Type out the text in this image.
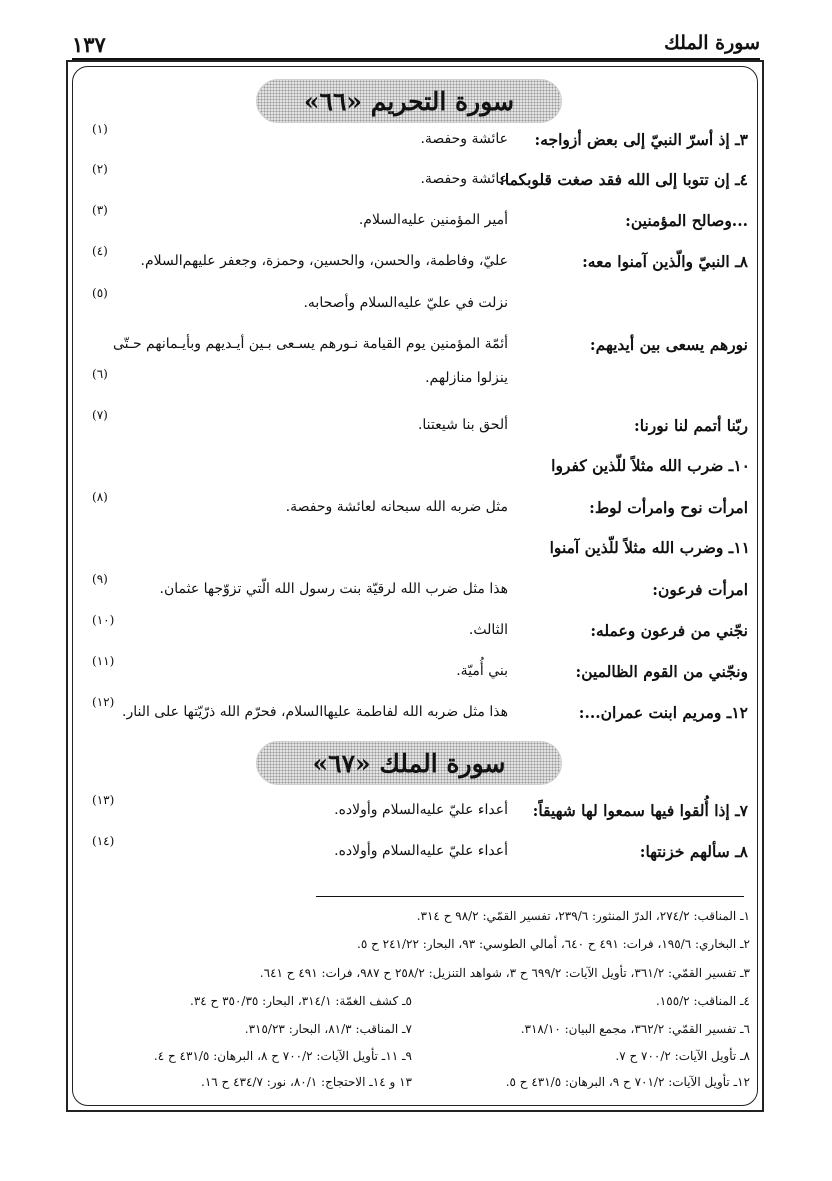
سورة الملك
١٣٧
سورة التحريم «٦٦»
٣ـ إذ أسرّ النبيّ إلى بعض أزواجه:
عائشة وحفصة.
(١)
٤ـ إن تتوبا إلى الله فقد صغت قلوبكما:
عائشة وحفصة.
(٢)
...وصالح المؤمنين:
أمير المؤمنين عليه‌السلام.
(٣)
٨ـ النبيّ والّذين آمنوا معه:
عليّ، وفاطمة، والحسن، والحسين، وحمزة، وجعفر عليهم‌السلام.
(٤)
نزلت في عليّ عليه‌السلام وأصحابه.
(٥)
نورهم يسعى بين أيديهم:
أئمّة المؤمنين يوم القيامة نـورهم يسـعى بـين أيـديهم وبأيـمانهم حـتّى
ينزلوا منازلهم.
(٦)
ربّنا أتمم لنا نورنا:
ألحق بنا شيعتنا.
(٧)
١٠ـ ضرب الله مثلاً للّذين كفروا
امرأت نوح وامرأت لوط:
مثل ضربه الله سبحانه لعائشة وحفصة.
(٨)
١١ـ وضرب الله مثلاً للّذين آمنوا
امرأت فرعون:
هذا مثل ضرب الله لرقيّة بنت رسول الله الّتي تزوّجها عثمان.
(٩)
نجّني من فرعون وعمله:
الثالث.
(١٠)
ونجّني من القوم الظالمين:
بني أُميّة.
(١١)
١٢ـ ومريم ابنت عمران...:
هذا مثل ضربه الله لفاطمة عليها‌السلام، فحرّم الله ذرّيّتها على النار.
(١٢)
سورة الملك «٦٧»
٧ـ إذا أُلقوا فيها سمعوا لها شهيقاً:
أعداء عليّ عليه‌السلام وأولاده.
(١٣)
٨ـ سألهم خزنتها:
أعداء عليّ عليه‌السلام وأولاده.
(١٤)
١ـ المناقب: ٢٧٤/٢، الدرّ المنثور: ٢٣٩/٦، تفسير القمّي: ٩٨/٢ ح ٣١٤.
٢ـ البخاري: ١٩٥/٦، فرات: ٤٩١ ح ٦٤٠، أمالي الطوسي: ٩٣، البحار: ٢٤١/٢٢ ح ٥.
٣ـ تفسير القمّي: ٣٦١/٢، تأويل الآيات: ٦٩٩/٢ ح ٣، شواهد التنزيل: ٢٥٨/٢ ح ٩٨٧، فرات: ٤٩١ ح ٦٤١.
٤ـ المناقب: ١٥٥/٢.
٥ـ كشف الغمّة: ٣١٤/١، البحار: ٣٥٠/٣٥ ح ٣٤.
٦ـ تفسير القمّي: ٣٦٢/٢، مجمع البيان: ٣١٨/١٠.
٧ـ المناقب: ٨١/٣، البحار: ٣١٥/٢٣.
٨ـ تأويل الآيات: ٧٠٠/٢ ح ٧.
٩ـ ١١ـ تأويل الآيات: ٧٠٠/٢ ح ٨، البرهان: ٤٣١/٥ ح ٤.
١٢ـ تأويل الآيات: ٧٠١/٢ ح ٩، البرهان: ٤٣١/٥ ح ٥.
١٣ و ١٤ـ الاحتجاج: ٨٠/١، نور: ٤٣٤/٧ ح ١٦.
